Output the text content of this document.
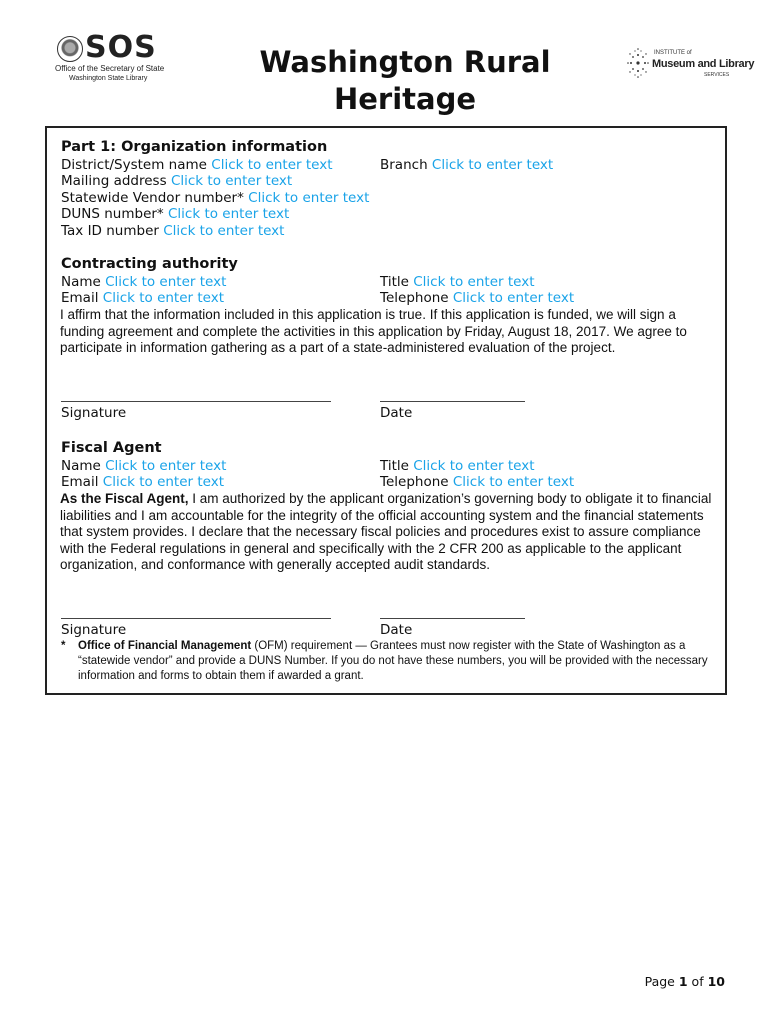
SOS
Office of the Secretary of State
Washington State Library	Washington Rural
Heritage
INSTITUTE of
Museum and Library
SERVICES
Part 1: Organization information
District/System name Click to enter text	Branch Click to enter text
Mailing address Click to enter text
Statewide Vendor number* Click to enter text
DUNS number* Click to enter text
Tax ID number Click to enter text
Contracting authority
Name Click to enter text	Title Click to enter text
Email Click to enter text	Telephone Click to enter text
I affirm that the information included in this application is true. If this application is funded, we will sign a funding agreement and complete the activities in this application by Friday, August 18, 2017. We agree to participate in information gathering as a part of a state-administered evaluation of the project.
Signature	Date
Fiscal Agent
Name Click to enter text	Title Click to enter text
Email Click to enter text	Telephone Click to enter text
As the Fiscal Agent, I am authorized by the applicant organization’s governing body to obligate it to financial liabilities and I am accountable for the integrity of the official accounting system and the financial statements that system provides. I declare that the necessary fiscal policies and procedures exist to assure compliance with the Federal regulations in general and specifically with the 2 CFR 200 as applicable to the applicant organization, and conformance with generally accepted audit standards.
Signature	Date
*	Office of Financial Management (OFM) requirement — Grantees must now register with the State of Washington as a “statewide vendor” and provide a DUNS Number. If you do not have these numbers, you will be provided with the necessary information and forms to obtain them if awarded a grant.
Page 1 of 10
